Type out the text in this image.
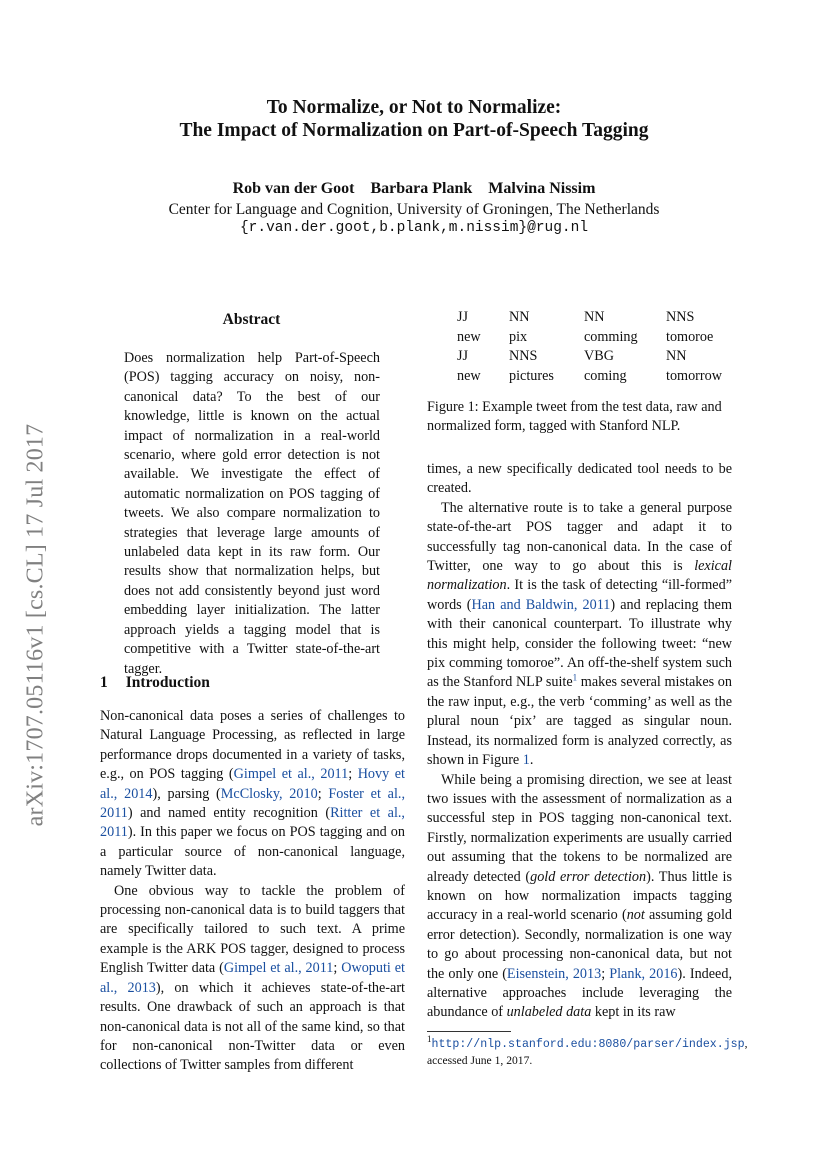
To Normalize, or Not to Normalize:
The Impact of Normalization on Part-of-Speech Tagging
Rob van der Goot Barbara Plank Malvina Nissim
Center for Language and Cognition, University of Groningen, The Netherlands
{r.van.der.goot,b.plank,m.nissim}@rug.nl
arXiv:1707.05116v1 [cs.CL] 17 Jul 2017
Abstract
Does normalization help Part-of-Speech (POS) tagging accuracy on noisy, non-canonical data? To the best of our knowledge, little is known on the actual impact of normalization in a real-world scenario, where gold error detection is not available. We investigate the effect of automatic normalization on POS tagging of tweets. We also compare normalization to strategies that leverage large amounts of unlabeled data kept in its raw form. Our results show that normalization helps, but does not add consistently beyond just word embedding layer initialization. The latter approach yields a tagging model that is competitive with a Twitter state-of-the-art tagger.
1 Introduction

Non-canonical data poses a series of challenges to Natural Language Processing, as reflected in large performance drops documented in a variety of tasks, e.g., on POS tagging (Gimpel et al., 2011; Hovy et al., 2014), parsing (McClosky, 2010; Foster et al., 2011) and named entity recognition (Ritter et al., 2011). In this paper we focus on POS tagging and on a particular source of non-canonical language, namely Twitter data.

One obvious way to tackle the problem of processing non-canonical data is to build taggers that are specifically tailored to such text. A prime example is the ARK POS tagger, designed to process English Twitter data (Gimpel et al., 2011; Owoputi et al., 2013), on which it achieves state-of-the-art results. One drawback of such an approach is that non-canonical data is not all of the same kind, so that for non-canonical non-Twitter data or even collections of Twitter samples from different

JJ	NN	NN	NNS
new	pix	comming	tomoroe
JJ	NNS	VBG	NN
new	pictures	coming	tomorrow
Figure 1: Example tweet from the test data, raw and normalized form, tagged with Stanford NLP.

times, a new specifically dedicated tool needs to be created.

The alternative route is to take a general purpose state-of-the-art POS tagger and adapt it to successfully tag non-canonical data. In the case of Twitter, one way to go about this is lexical normalization. It is the task of detecting “ill-formed” words (Han and Baldwin, 2011) and replacing them with their canonical counterpart. To illustrate why this might help, consider the following tweet: “new pix comming tomoroe”. An off-the-shelf system such as the Stanford NLP suite$^1$ makes several mistakes on the raw input, e.g., the verb ‘comming’ as well as the plural noun ‘pix’ are tagged as singular noun. Instead, its normalized form is analyzed correctly, as shown in Figure 1.

While being a promising direction, we see at least two issues with the assessment of normalization as a successful step in POS tagging non-canonical text. Firstly, normalization experiments are usually carried out assuming that the tokens to be normalized are already detected (gold error detection). Thus little is known on how normalization impacts tagging accuracy in a real-world scenario (not assuming gold error detection). Secondly, normalization is one way to go about processing non-canonical data, but not the only one (Eisenstein, 2013; Plank, 2016). Indeed, alternative approaches include leveraging the abundance of unlabeled data kept in its raw

$^1$http://nlp.stanford.edu:8080/parser/index.jsp, accessed June 1, 2017.
